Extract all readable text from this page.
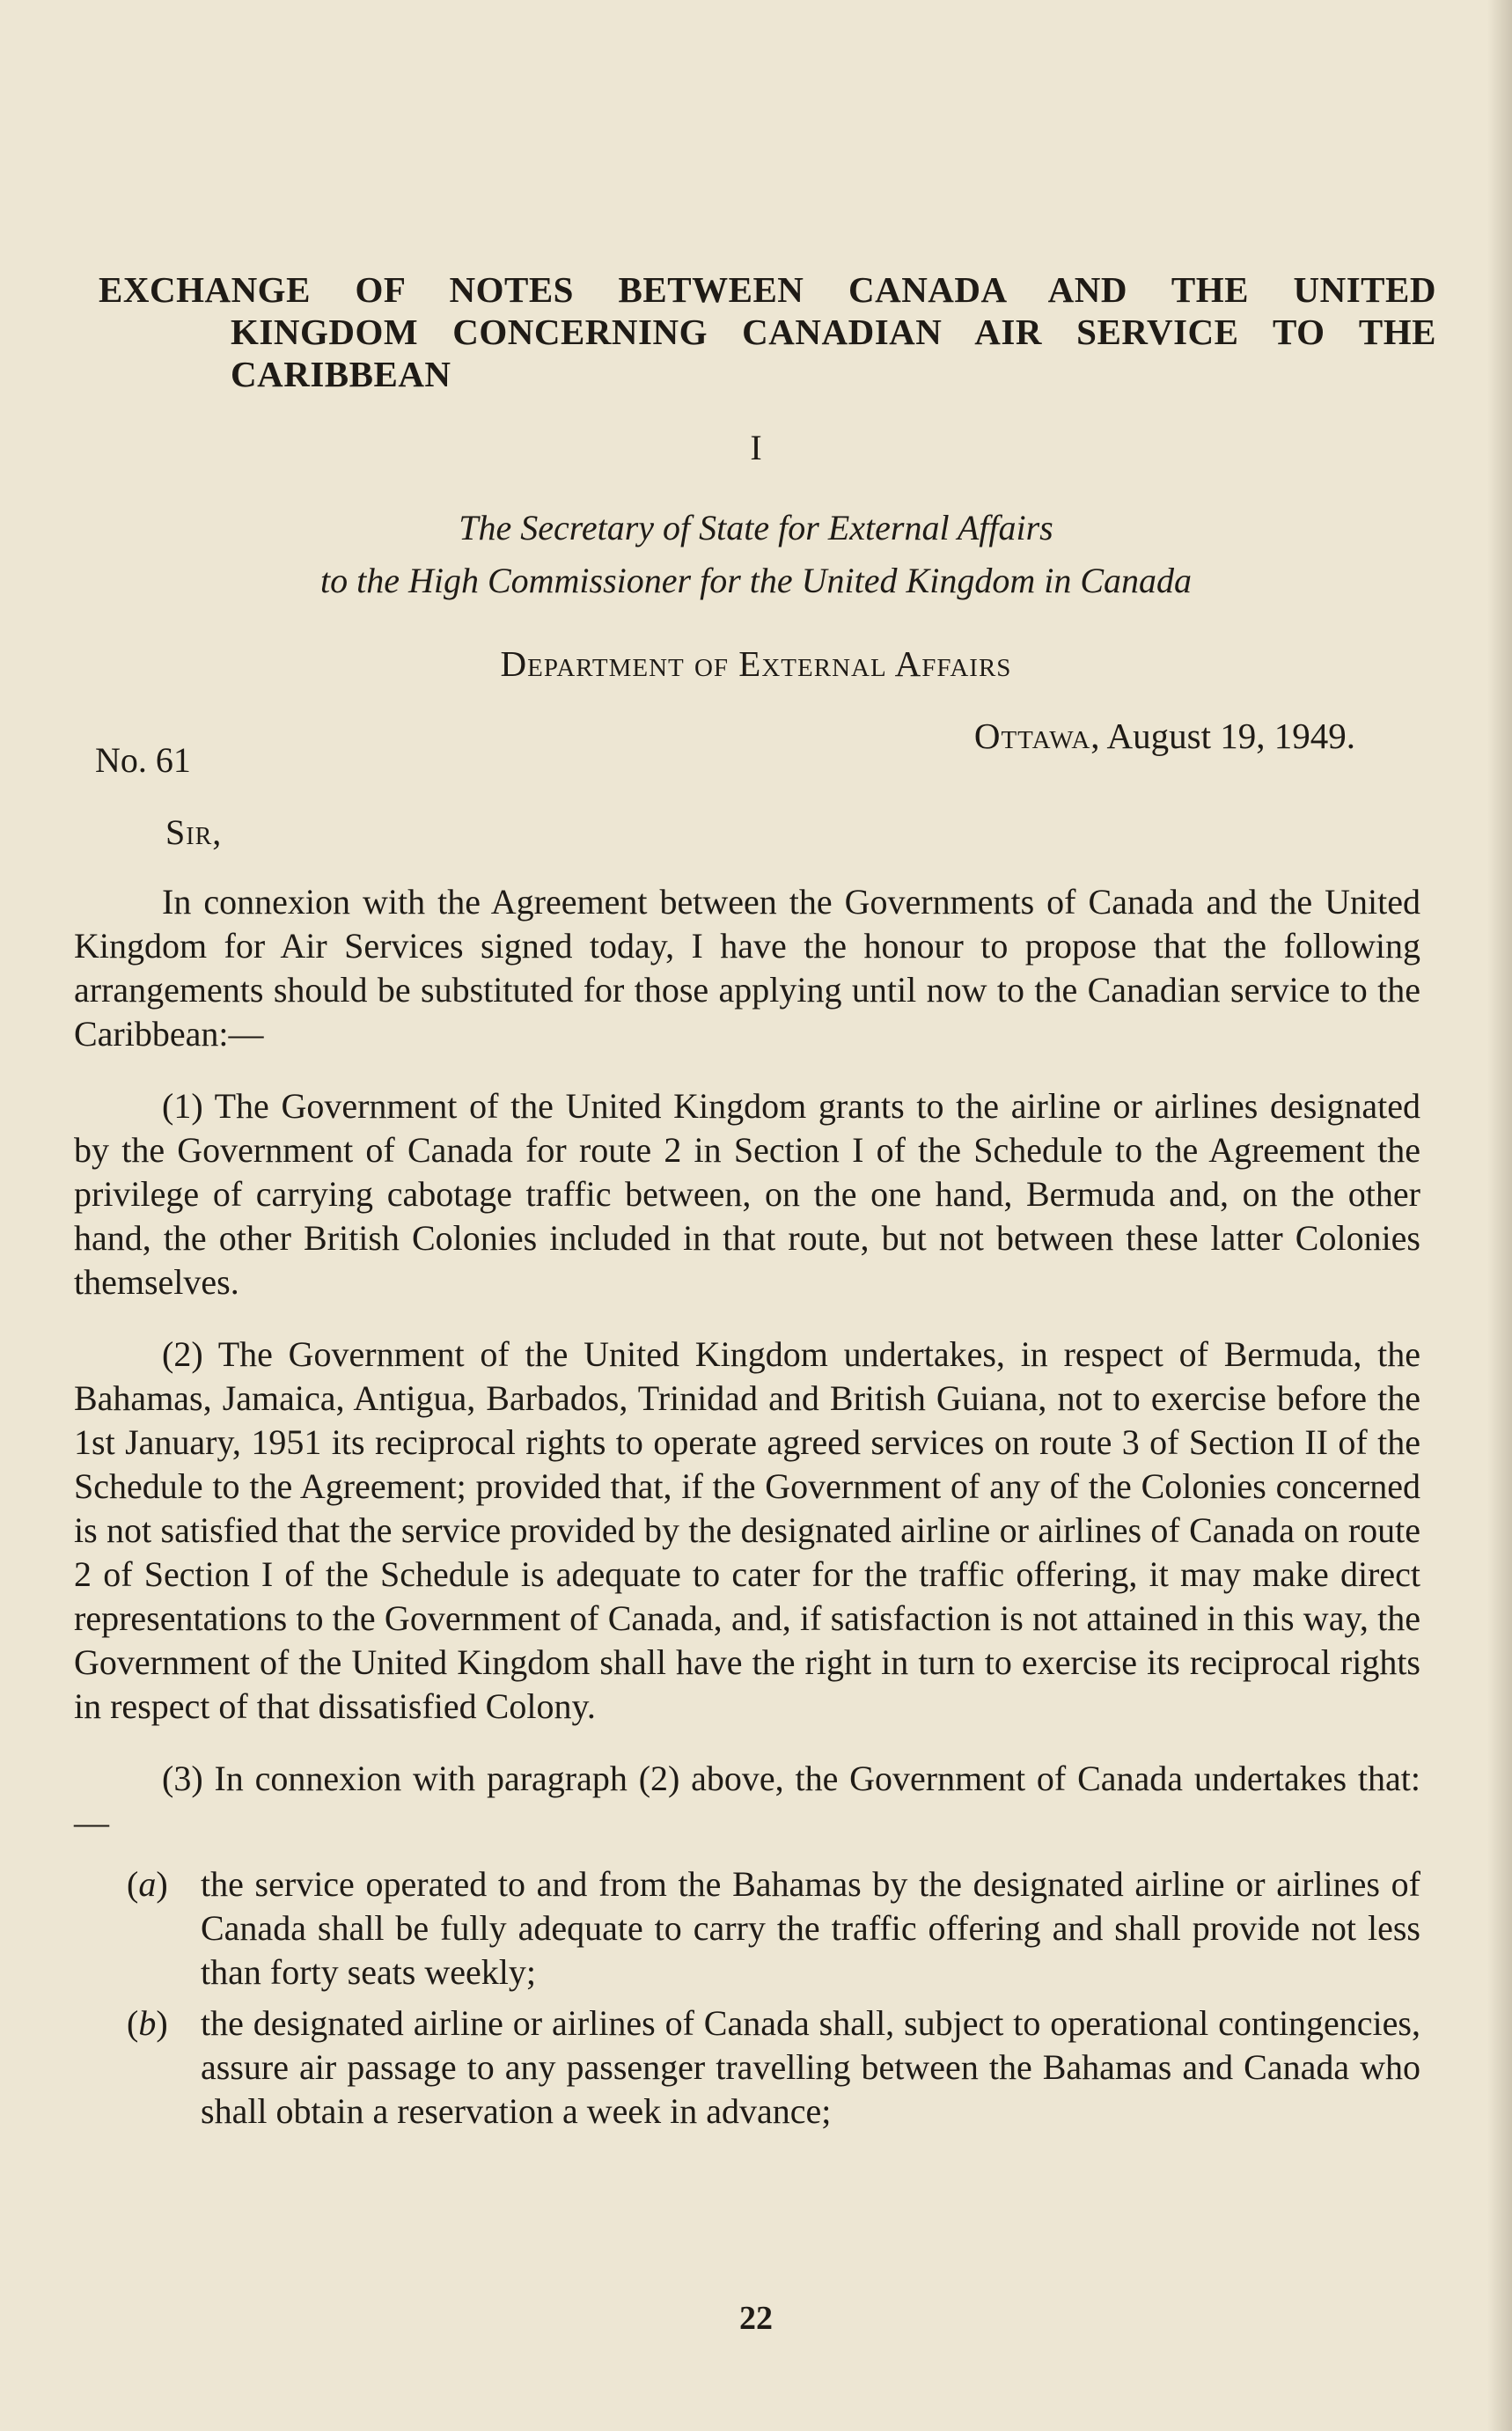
EXCHANGE OF NOTES BETWEEN CANADA AND THE UNITED
KINGDOM CONCERNING CANADIAN AIR SERVICE TO THE
CARIBBEAN
I
The Secretary of State for External Affairs
to the High Commissioner for the United Kingdom in Canada
Department of External Affairs
Ottawa, August 19, 1949.
No. 61
Sir,

In connexion with the Agreement between the Governments of Canada and the United Kingdom for Air Services signed today, I have the honour to propose that the following arrangements should be substituted for those applying until now to the Canadian service to the Caribbean:—

(1) The Government of the United Kingdom grants to the airline or airlines designated by the Government of Canada for route 2 in Section I of the Schedule to the Agreement the privilege of carrying cabotage traffic between, on the one hand, Bermuda and, on the other hand, the other British Colonies included in that route, but not between these latter Colonies themselves.

(2) The Government of the United Kingdom undertakes, in respect of Bermuda, the Bahamas, Jamaica, Antigua, Barbados, Trinidad and British Guiana, not to exercise before the 1st January, 1951 its reciprocal rights to operate agreed services on route 3 of Section II of the Schedule to the Agreement; provided that, if the Government of any of the Colonies concerned is not satisfied that the service provided by the designated airline or airlines of Canada on route 2 of Section I of the Schedule is adequate to cater for the traffic offering, it may make direct representations to the Government of Canada, and, if satisfaction is not attained in this way, the Government of the United Kingdom shall have the right in turn to exercise its reciprocal rights in respect of that dissatisfied Colony.

(3) In connexion with paragraph (2) above, the Government of Canada undertakes that:—

(a) the service operated to and from the Bahamas by the designated airline or airlines of Canada shall be fully adequate to carry the traffic offering and shall provide not less than forty seats weekly;
(b) the designated airline or airlines of Canada shall, subject to operational contingencies, assure air passage to any passenger travelling between the Bahamas and Canada who shall obtain a reservation a week in advance;
22
